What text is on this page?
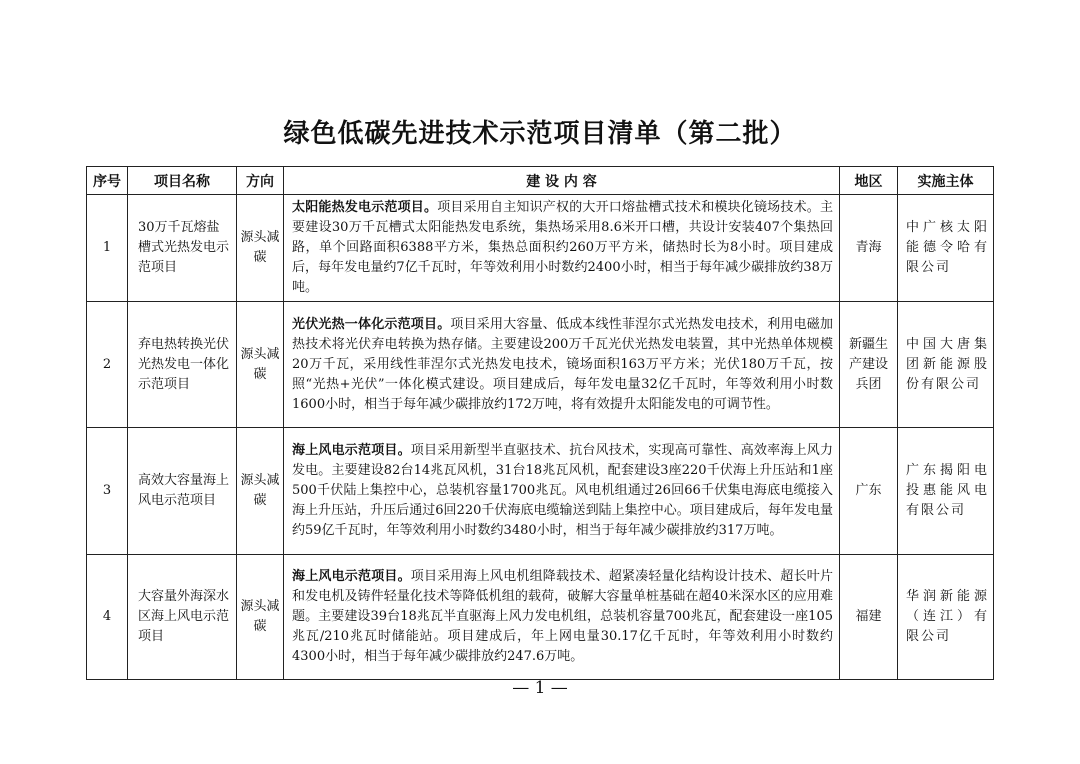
绿色低碳先进技术示范项目清单（第二批）
序号	项目名称	方向	建 设 内 容	地区	实施主体
1	30万千瓦熔盐槽式光热发电示范项目	源头减碳	太阳能热发电示范项目。项目采用自主知识产权的大开口熔盐槽式技术和模块化镜场技术。主要建设30万千瓦槽式太阳能热发电系统，集热场采用8.6米开口槽，共设计安装407个集热回路，单个回路面积6388平方米，集热总面积约260万平方米，储热时长为8小时。项目建成后，每年发电量约7亿千瓦时，年等效利用小时数约2400小时，相当于每年减少碳排放约38万吨。	青海	中广核太阳能德令哈有限公司
2	弃电热转换光伏光热发电一体化示范项目	源头减碳	光伏光热一体化示范项目。项目采用大容量、低成本线性菲涅尔式光热发电技术，利用电磁加热技术将光伏弃电转换为热存储。主要建设200万千瓦光伏光热发电装置，其中光热单体规模20万千瓦，采用线性菲涅尔式光热发电技术，镜场面积163万平方米；光伏180万千瓦，按照“光热+光伏”一体化模式建设。项目建成后，每年发电量32亿千瓦时，年等效利用小时数1600小时，相当于每年减少碳排放约172万吨，将有效提升太阳能发电的可调节性。	新疆生产建设兵团	中国大唐集团新能源股份有限公司
3	高效大容量海上风电示范项目	源头减碳	海上风电示范项目。项目采用新型半直驱技术、抗台风技术，实现高可靠性、高效率海上风力发电。主要建设82台14兆瓦风机，31台18兆瓦风机，配套建设3座220千伏海上升压站和1座500千伏陆上集控中心，总装机容量1700兆瓦。风电机组通过26回66千伏集电海底电缆接入海上升压站，升压后通过6回220千伏海底电缆输送到陆上集控中心。项目建成后，每年发电量约59亿千瓦时，年等效利用小时数约3480小时，相当于每年减少碳排放约317万吨。	广东	广东揭阳电投惠能风电有限公司
4	大容量外海深水区海上风电示范项目	源头减碳	海上风电示范项目。项目采用海上风电机组降载技术、超紧凑轻量化结构设计技术、超长叶片和发电机及铸件轻量化技术等降低机组的载荷，破解大容量单桩基础在超40米深水区的应用难题。主要建设39台18兆瓦半直驱海上风力发电机组，总装机容量700兆瓦，配套建设一座105兆瓦/210兆瓦时储能站。项目建成后，年上网电量30.17亿千瓦时，年等效利用小时数约4300小时，相当于每年减少碳排放约247.6万吨。	福建	华润新能源（连江）有限公司
— 1 —
